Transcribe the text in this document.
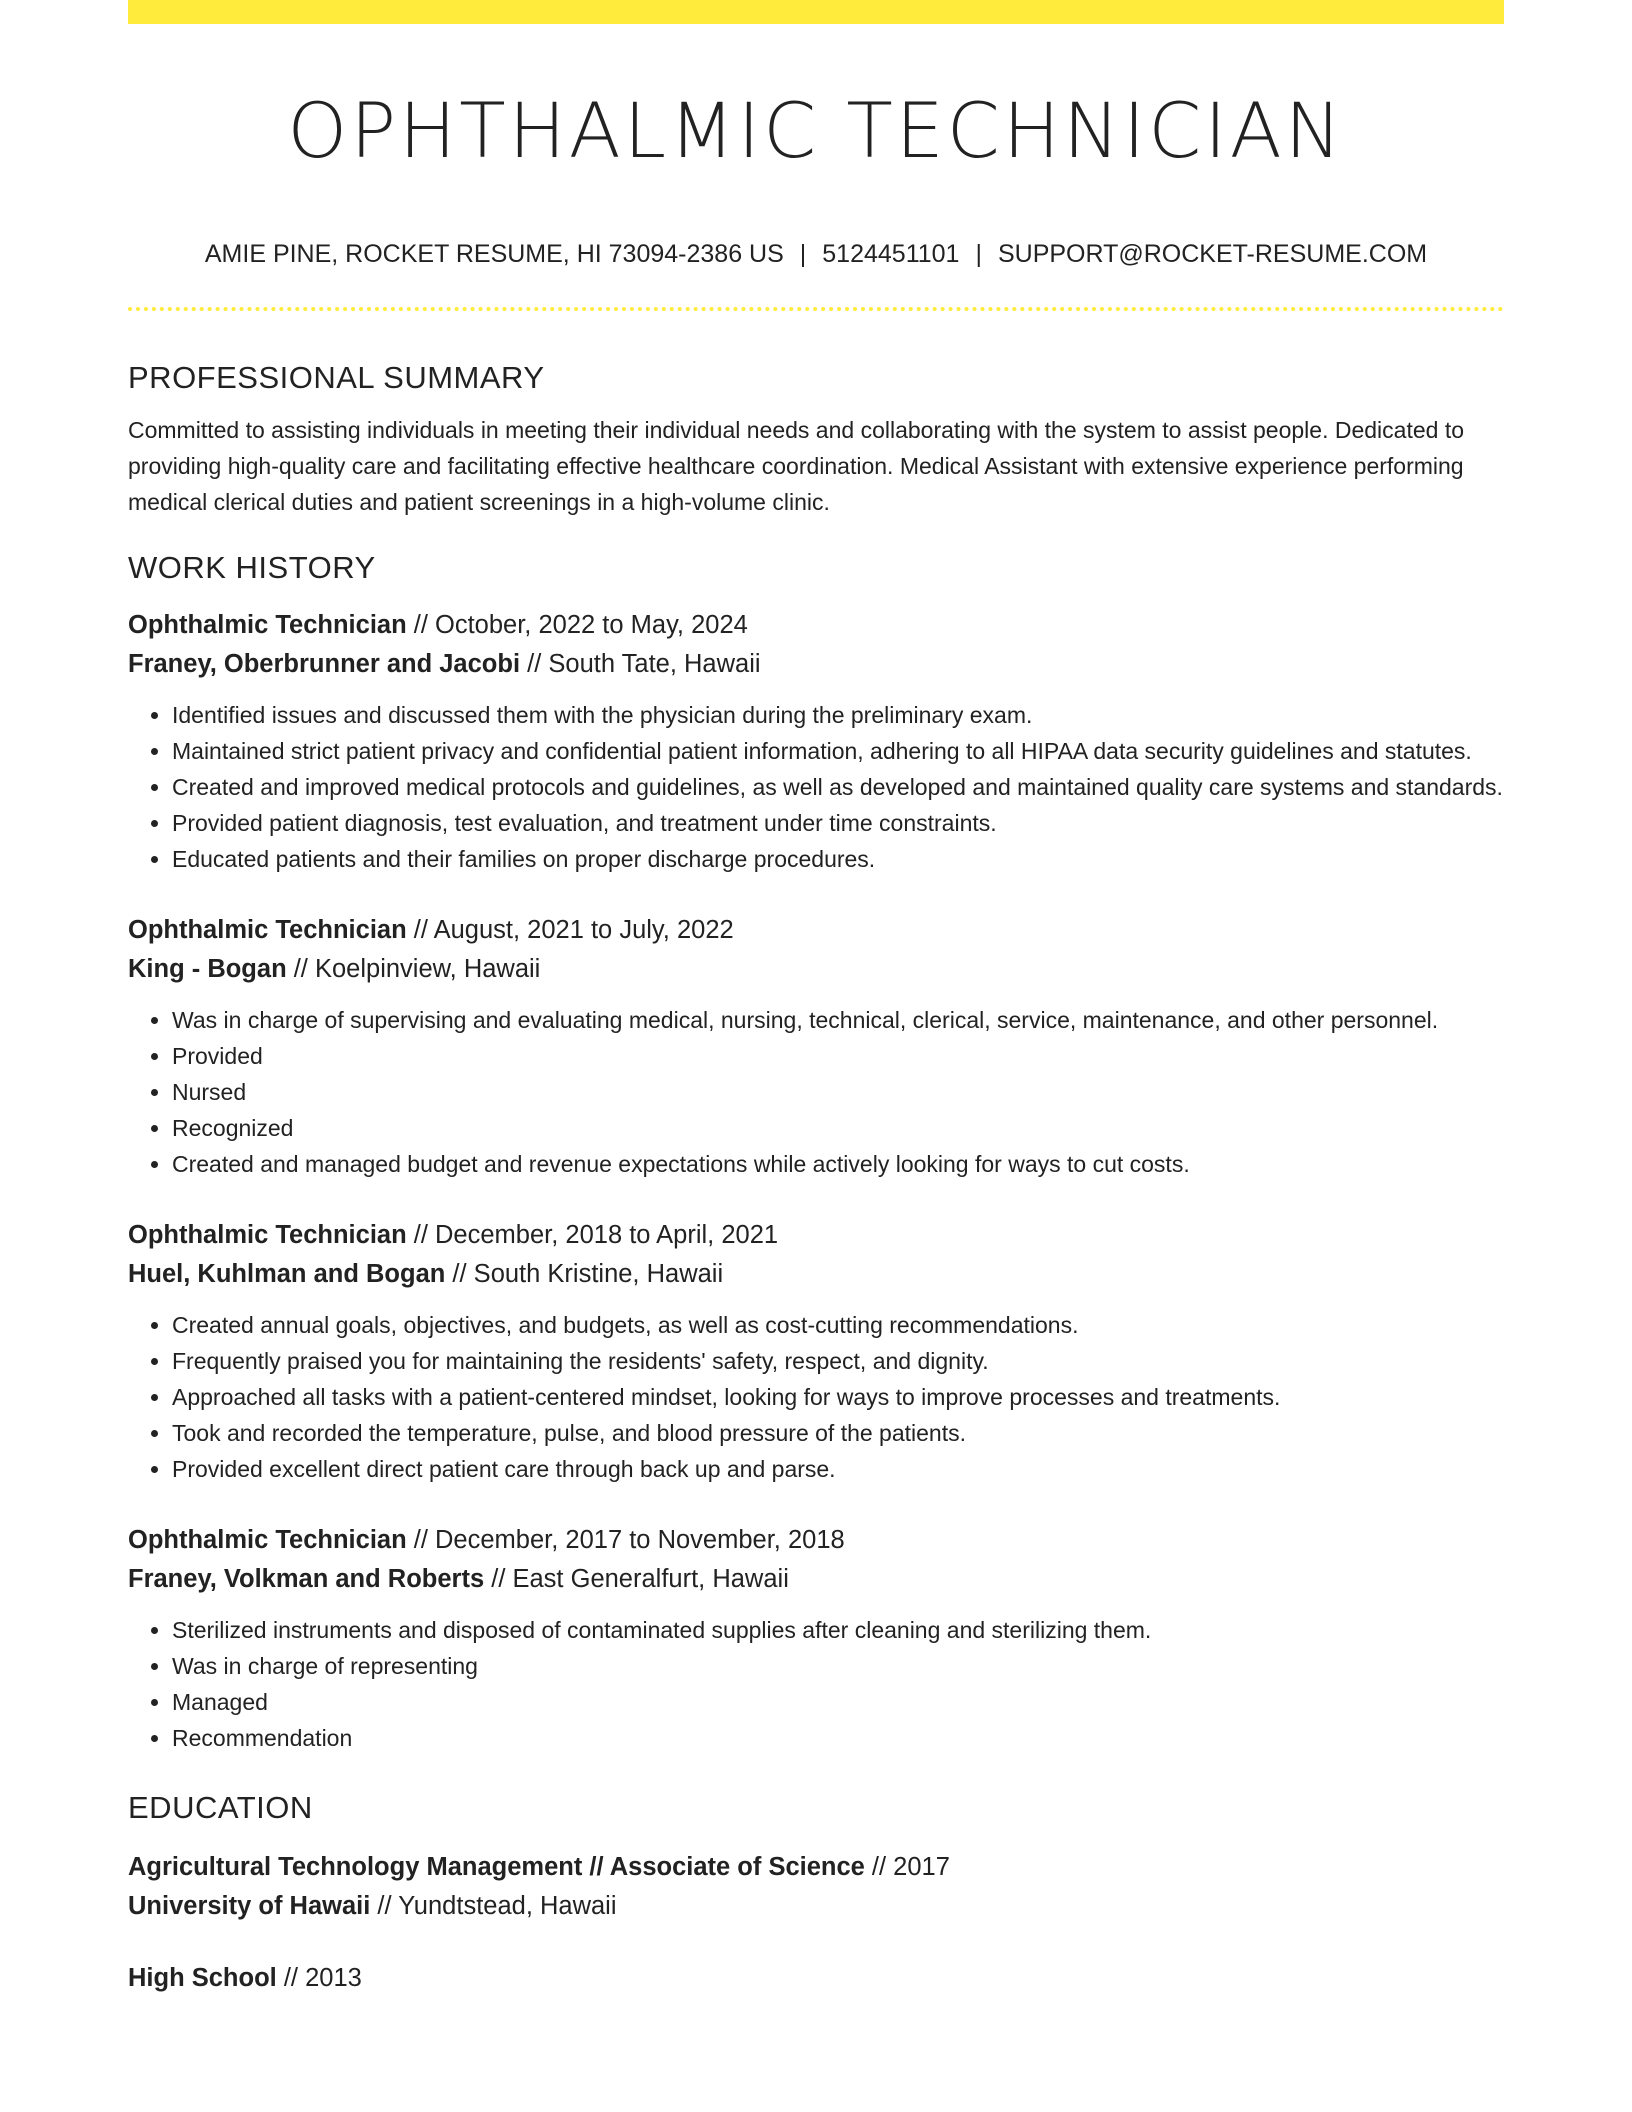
OPHTHALMIC TECHNICIAN
AMIE PINE, ROCKET RESUME, HI 73094-2386 US | 5124451101 | SUPPORT@ROCKET-RESUME.COM
PROFESSIONAL SUMMARY

Committed to assisting individuals in meeting their individual needs and collaborating with the system to assist people. Dedicated to providing high-quality care and facilitating effective healthcare coordination. Medical Assistant with extensive experience performing medical clerical duties and patient screenings in a high-volume clinic.

WORK HISTORY
Ophthalmic Technician // October, 2022 to May, 2024
Franey, Oberbrunner and Jacobi // South Tate, Hawaii
• Identified issues and discussed them with the physician during the preliminary exam.
• Maintained strict patient privacy and confidential patient information, adhering to all HIPAA data security guidelines and statutes.
• Created and improved medical protocols and guidelines, as well as developed and maintained quality care systems and standards.
• Provided patient diagnosis, test evaluation, and treatment under time constraints.
• Educated patients and their families on proper discharge procedures.
Ophthalmic Technician // August, 2021 to July, 2022
King - Bogan // Koelpinview, Hawaii
• Was in charge of supervising and evaluating medical, nursing, technical, clerical, service, maintenance, and other personnel.
• Provided
• Nursed
• Recognized
• Created and managed budget and revenue expectations while actively looking for ways to cut costs.
Ophthalmic Technician // December, 2018 to April, 2021
Huel, Kuhlman and Bogan // South Kristine, Hawaii
• Created annual goals, objectives, and budgets, as well as cost-cutting recommendations.
• Frequently praised you for maintaining the residents' safety, respect, and dignity.
• Approached all tasks with a patient-centered mindset, looking for ways to improve processes and treatments.
• Took and recorded the temperature, pulse, and blood pressure of the patients.
• Provided excellent direct patient care through back up and parse.
Ophthalmic Technician // December, 2017 to November, 2018
Franey, Volkman and Roberts // East Generalfurt, Hawaii
• Sterilized instruments and disposed of contaminated supplies after cleaning and sterilizing them.
• Was in charge of representing
• Managed
• Recommendation
EDUCATION
Agricultural Technology Management // Associate of Science // 2017
University of Hawaii // Yundtstead, Hawaii
High School // 2013
